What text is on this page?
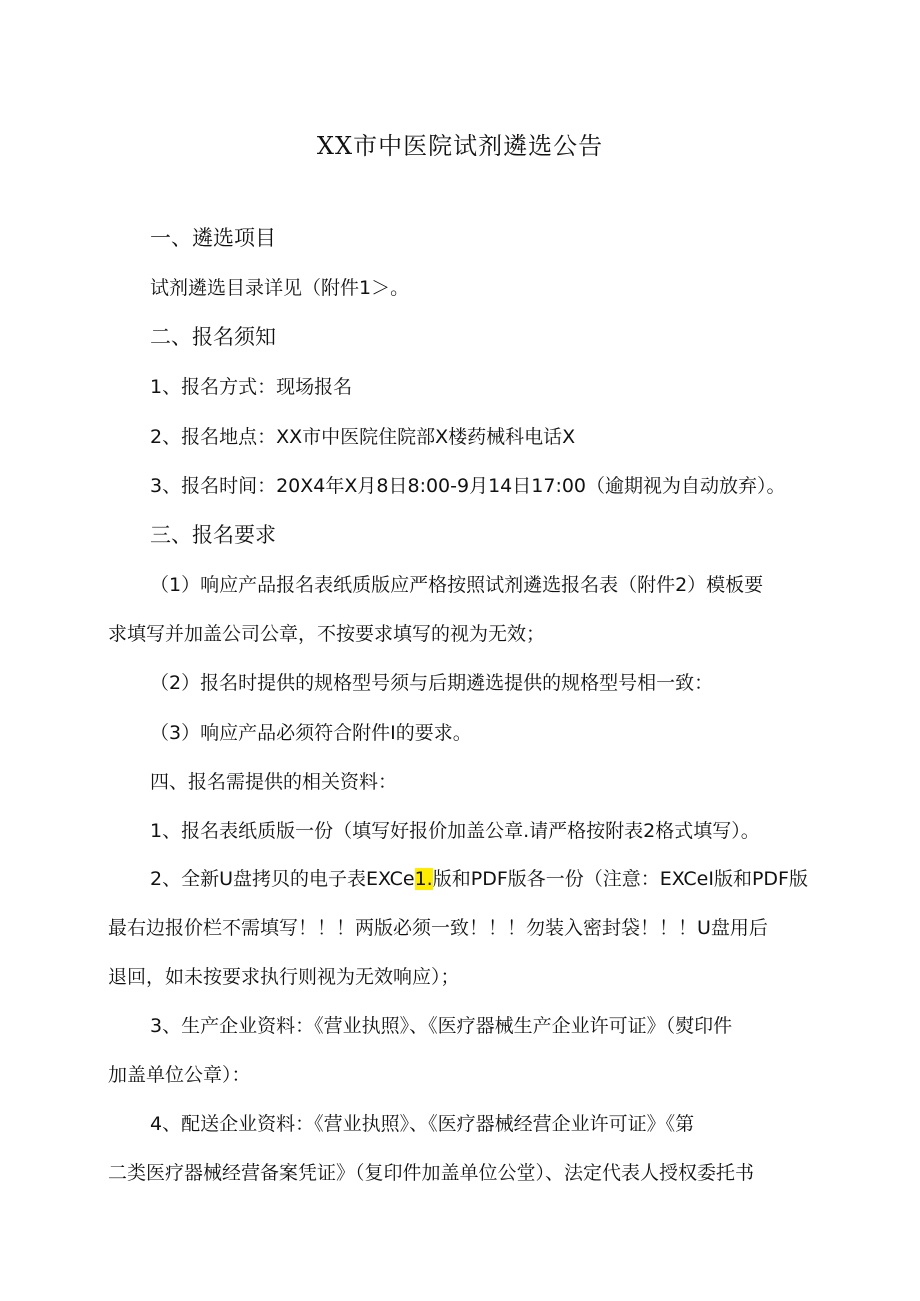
XX市中医院试剂遴选公告
一、遴选项目
试剂遴选目录详见（附件1＞。
二、报名须知
1、报名方式：现场报名
2、报名地点：XX市中医院住院部X楼药械科电话X
3、报名时间：20X4年X月8日8:00-9月14日17:00（逾期视为自动放弃）。
三、报名要求
（1）响应产品报名表纸质版应严格按照试剂遴选报名表（附件2）模板要
求填写并加盖公司公章，不按要求填写的视为无效；
（2）报名时提供的规格型号须与后期遴选提供的规格型号相一致：
（3）响应产品必须符合附件I的要求。
四、报名需提供的相关资料：
1、报名表纸质版一份（填写好报价加盖公章.请严格按附表2格式填写）。
2、全新U盘拷贝的电子表EXCe1.版和PDF版各一份（注意：EXCeI版和PDF版
最右边报价栏不需填写！！！两版必须一致！！！勿装入密封袋！！！U盘用后
退回，如未按要求执行则视为无效响应）；
3、生产企业资料：《营业执照》、《医疗器械生产企业许可证》（熨印件
加盖单位公章）：
4、配送企业资料：《营业执照》、《医疗器械经营企业许可证》《第
二类医疗器械经营备案凭证》（复印件加盖单位公堂）、法定代表人授权委托书
